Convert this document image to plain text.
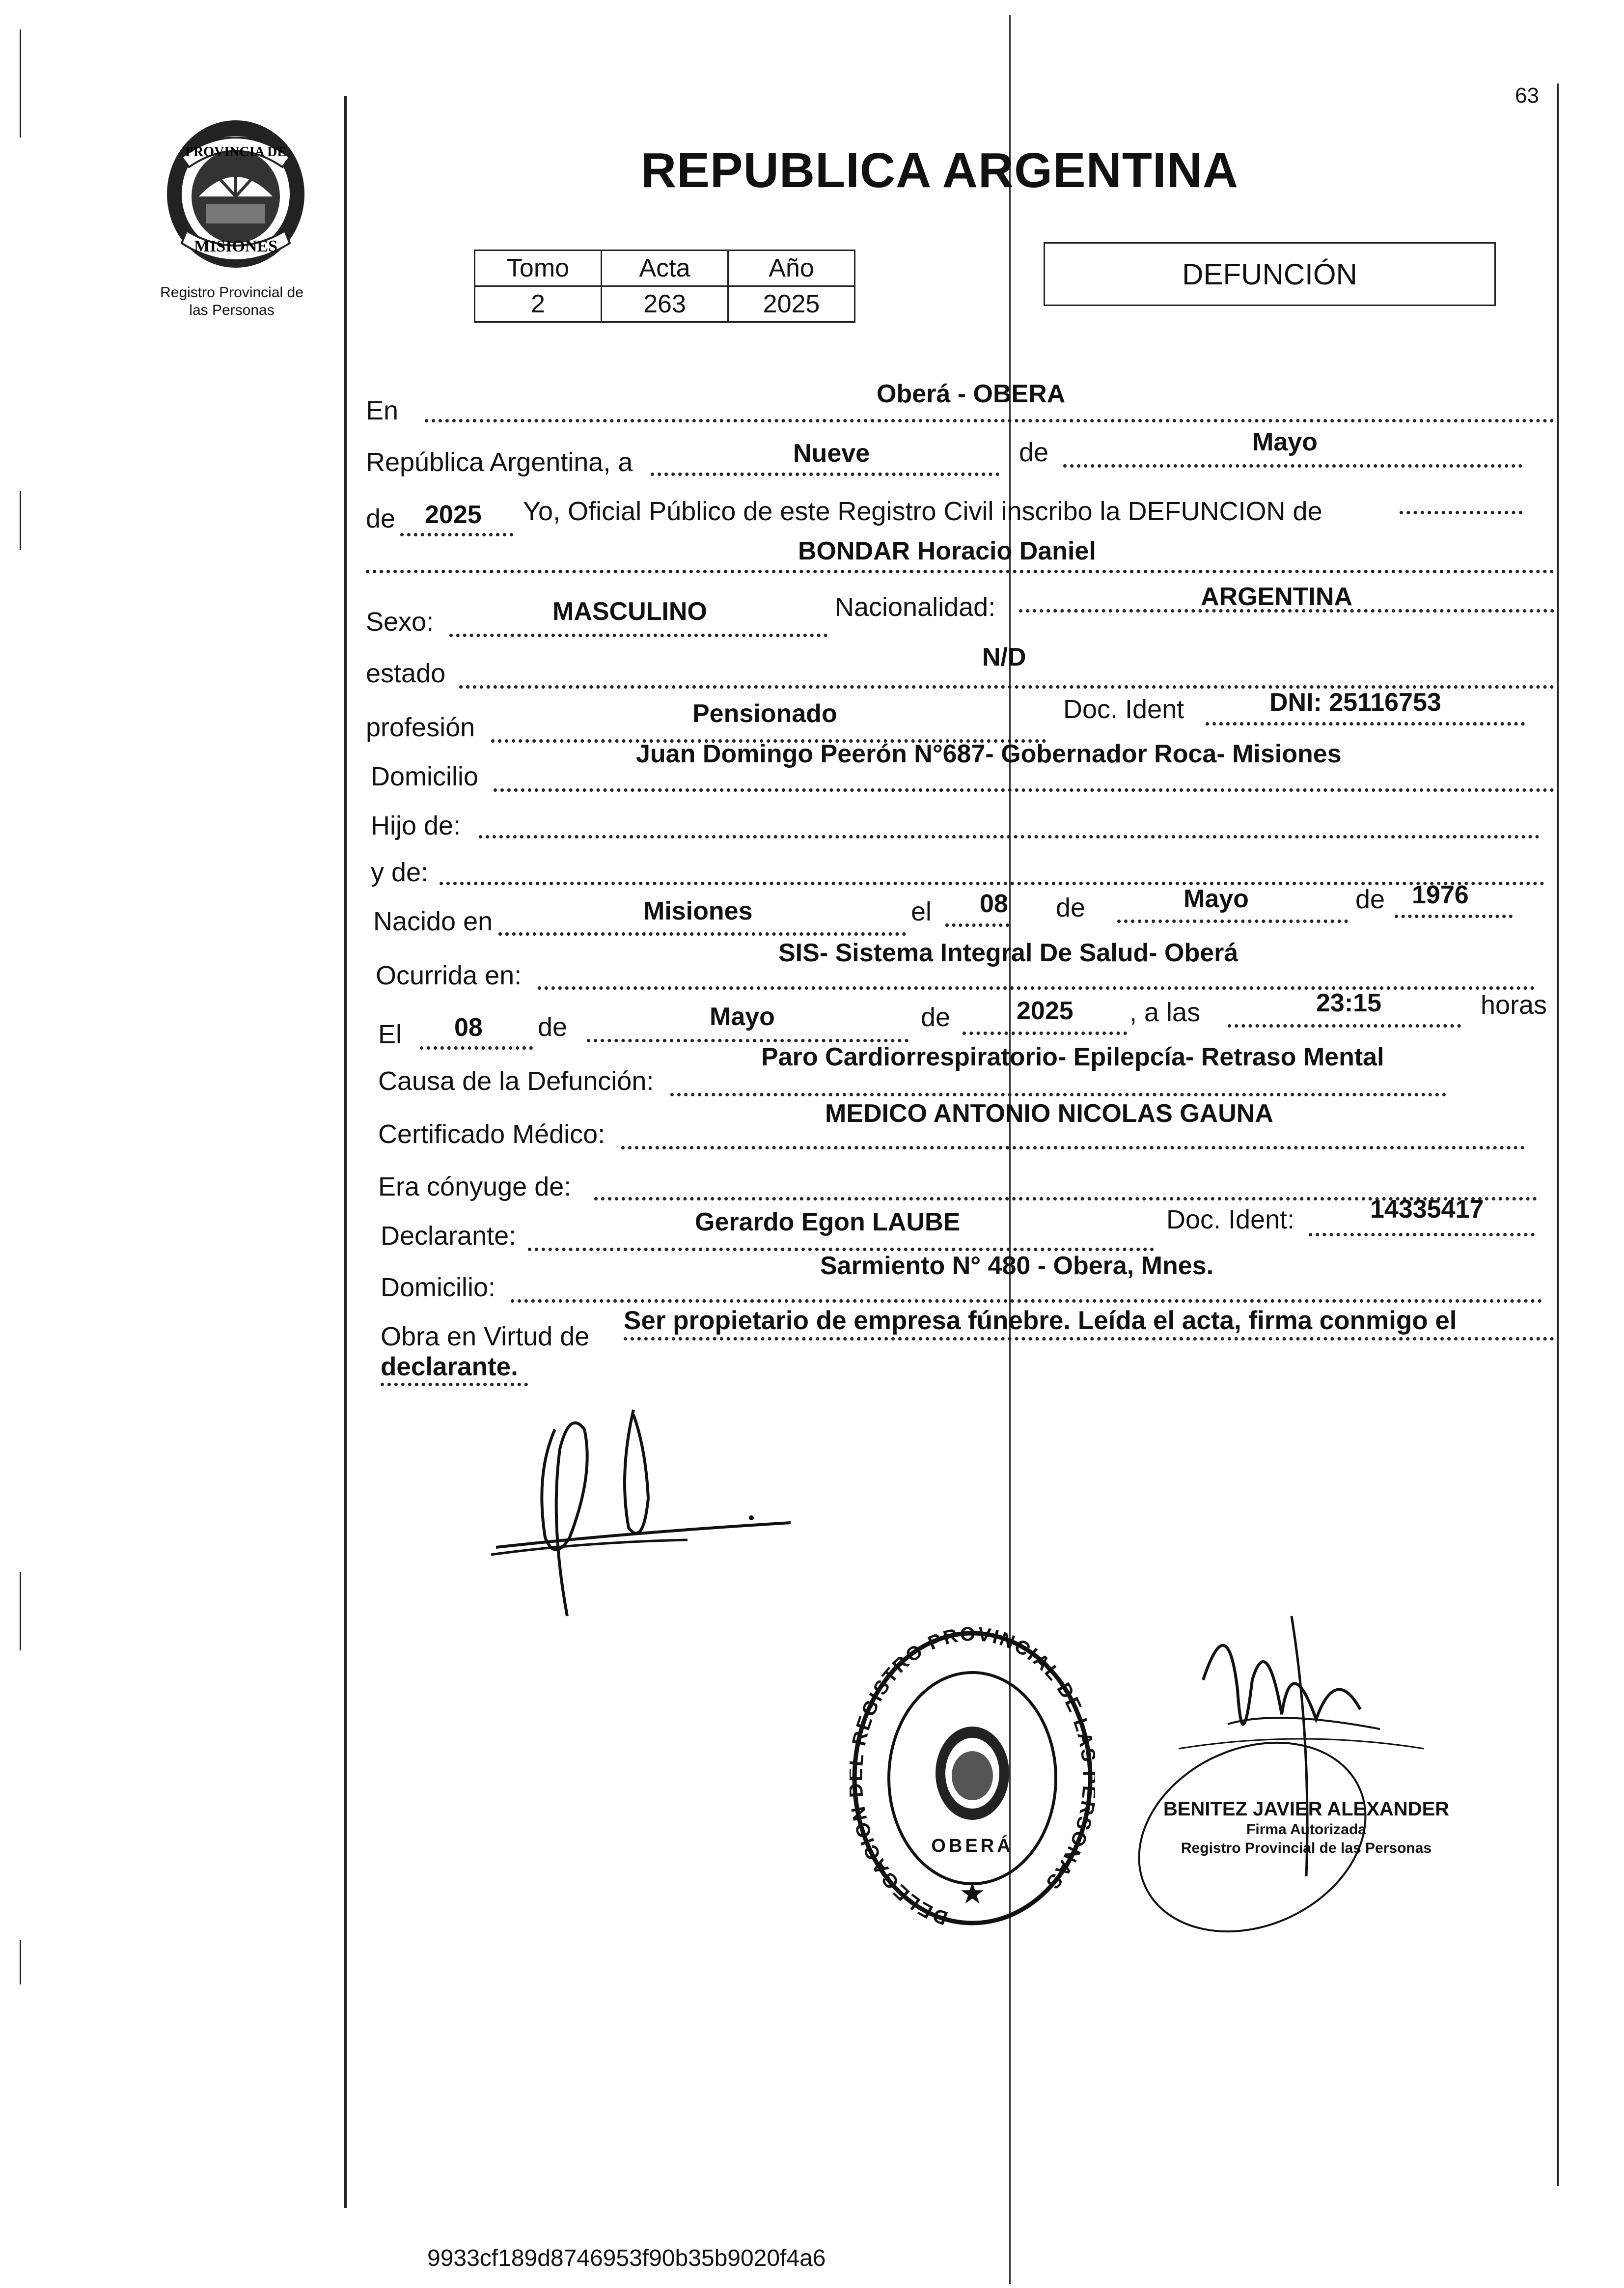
63
PROVINCIA DE
MISIONES
Registro Provincial de
las Personas
REPUBLICA ARGENTINA
Tomo	Acta	Año
2	263	2025
DEFUNCIÓN
En
Oberá - OBERA
República Argentina, a	Nueve	de	Mayo
de 2025 Yo, Oficial Público de este Registro Civil inscribo la DEFUNCION de
BONDAR Horacio Daniel
Sexo:	MASCULINO	Nacionalidad:	ARGENTINA
estado
N/D
profesión	Pensionado	Doc. Ident	DNI: 25116753
Domicilio
Juan Domingo Peerón N°687- Gobernador Roca- Misiones
Hijo de:
y de:
Nacido en	Misiones	el 08 de	Mayo	de 1976
Ocurrida en:
SIS- Sistema Integral De Salud- Oberá
El 08 de	Mayo	de	2025 , a las	23:15	horas
Causa de la Defunción:
Paro Cardiorrespiratorio- Epilepcía- Retraso Mental
Certificado Médico:
MEDICO ANTONIO NICOLAS GAUNA
Era cónyuge de:
Declarante:	Gerardo Egon LAUBE	Doc. Ident:	14335417
Domicilio:
Sarmiento N° 480 - Obera, Mnes.
Obra en Virtud de
Ser propietario de empresa fúnebre. Leída el acta, firma conmigo el
declarante.
DELEGACIO REGISTRO PROVINCIAL DE LA SONAS
OBERÁ
★
BENITEZ JAVIER ALEXANDER
Firma Autorizada
Registro Provincial de las Personas
9933cf189d8746953f90b35b9020f4a6
